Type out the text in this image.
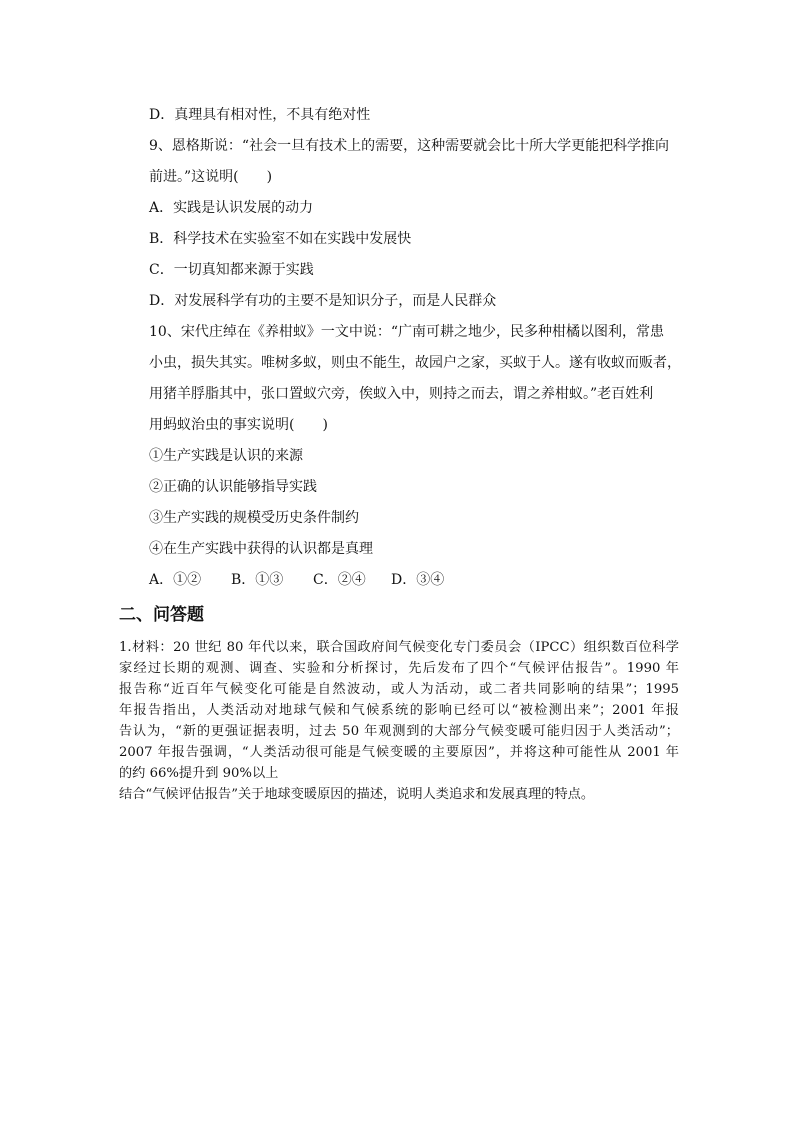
D．真理具有相对性，不具有绝对性
9、恩格斯说：“社会一旦有技术上的需要，这种需要就会比十所大学更能把科学推向
前进。”这说明(　　)
A．实践是认识发展的动力
B．科学技术在实验室不如在实践中发展快
C．一切真知都来源于实践
D．对发展科学有功的主要不是知识分子，而是人民群众
10、宋代庄绰在《养柑蚁》一文中说：“广南可耕之地少，民多种柑橘以图利，常患
小虫，损失其实。唯树多蚁，则虫不能生，故园户之家，买蚁于人。遂有收蚁而贩者，
用猪羊脬脂其中，张口置蚁穴旁，俟蚁入中，则持之而去，谓之养柑蚁。”老百姓利
用蚂蚁治虫的事实说明(　　)
①生产实践是认识的来源
②正确的认识能够指导实践
③生产实践的规模受历史条件制约
④在生产实践中获得的认识都是真理
A．①②	B．①③	C．②④	D．③④
二、问答题
1.材料：20 世纪 80 年代以来，联合国政府间气候变化专门委员会（IPCC）组织数百位科学
家经过长期的观测、调查、实验和分析探讨，先后发布了四个“气候评估报告”。1990 年
报告称“近百年气候变化可能是自然波动，或人为活动，或二者共同影响的结果”；1995
年报告指出，人类活动对地球气候和气候系统的影响已经可以“被检测出来”；2001 年报
告认为，“新的更强证据表明，过去 50 年观测到的大部分气候变暖可能归因于人类活动”；
2007 年报告强调，“人类活动很可能是气候变暖的主要原因”，并将这种可能性从 2001 年
的约 66%提升到 90%以上
结合“气候评估报告”关于地球变暖原因的描述，说明人类追求和发展真理的特点。
